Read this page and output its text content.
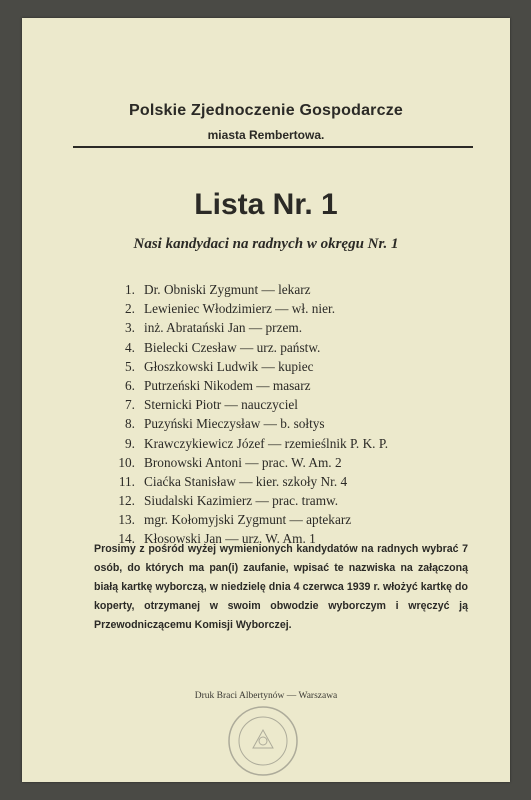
Polskie Zjednoczenie Gospodarcze
miasta Rembertowa.
Lista Nr. 1
Nasi kandydaci na radnych w okręgu Nr. 1
1. Dr. Obniski Zygmunt — lekarz
2. Lewieniec Włodzimierz — wł. nier.
3. inż. Abratański Jan — przem.
4. Bielecki Czesław — urz. państw.
5. Głoszkowski Ludwik — kupiec
6. Putrzeński Nikodem — masarz
7. Sternicki Piotr — nauczyciel
8. Puzyński Mieczysław — b. sołtys
9. Krawczykiewicz Józef — rzemieślnik P. K. P.
10. Bronowski Antoni — prac. W. Am. 2
11. Ciaćka Stanisław — kier. szkoły Nr. 4
12. Siudalski Kazimierz — prac. tramw.
13. mgr. Kołomyjski Zygmunt — aptekarz
14. Kłosowski Jan — urz. W. Am. 1
Prosimy z pośród wyżej wymienionych kandydatów na radnych wybrać 7 osób, do których ma pan(i) zaufanie, wpisać te nazwiska na załączoną białą kartkę wyborczą, w niedzielę dnia 4 czerwca 1939 r. włożyć kartkę do koperty, otrzymanej w swoim obwodzie wyborczym i wręczyć ją Przewodniczącemu Komisji Wyborczej.
Druk Braci Albertynów — Warszawa
